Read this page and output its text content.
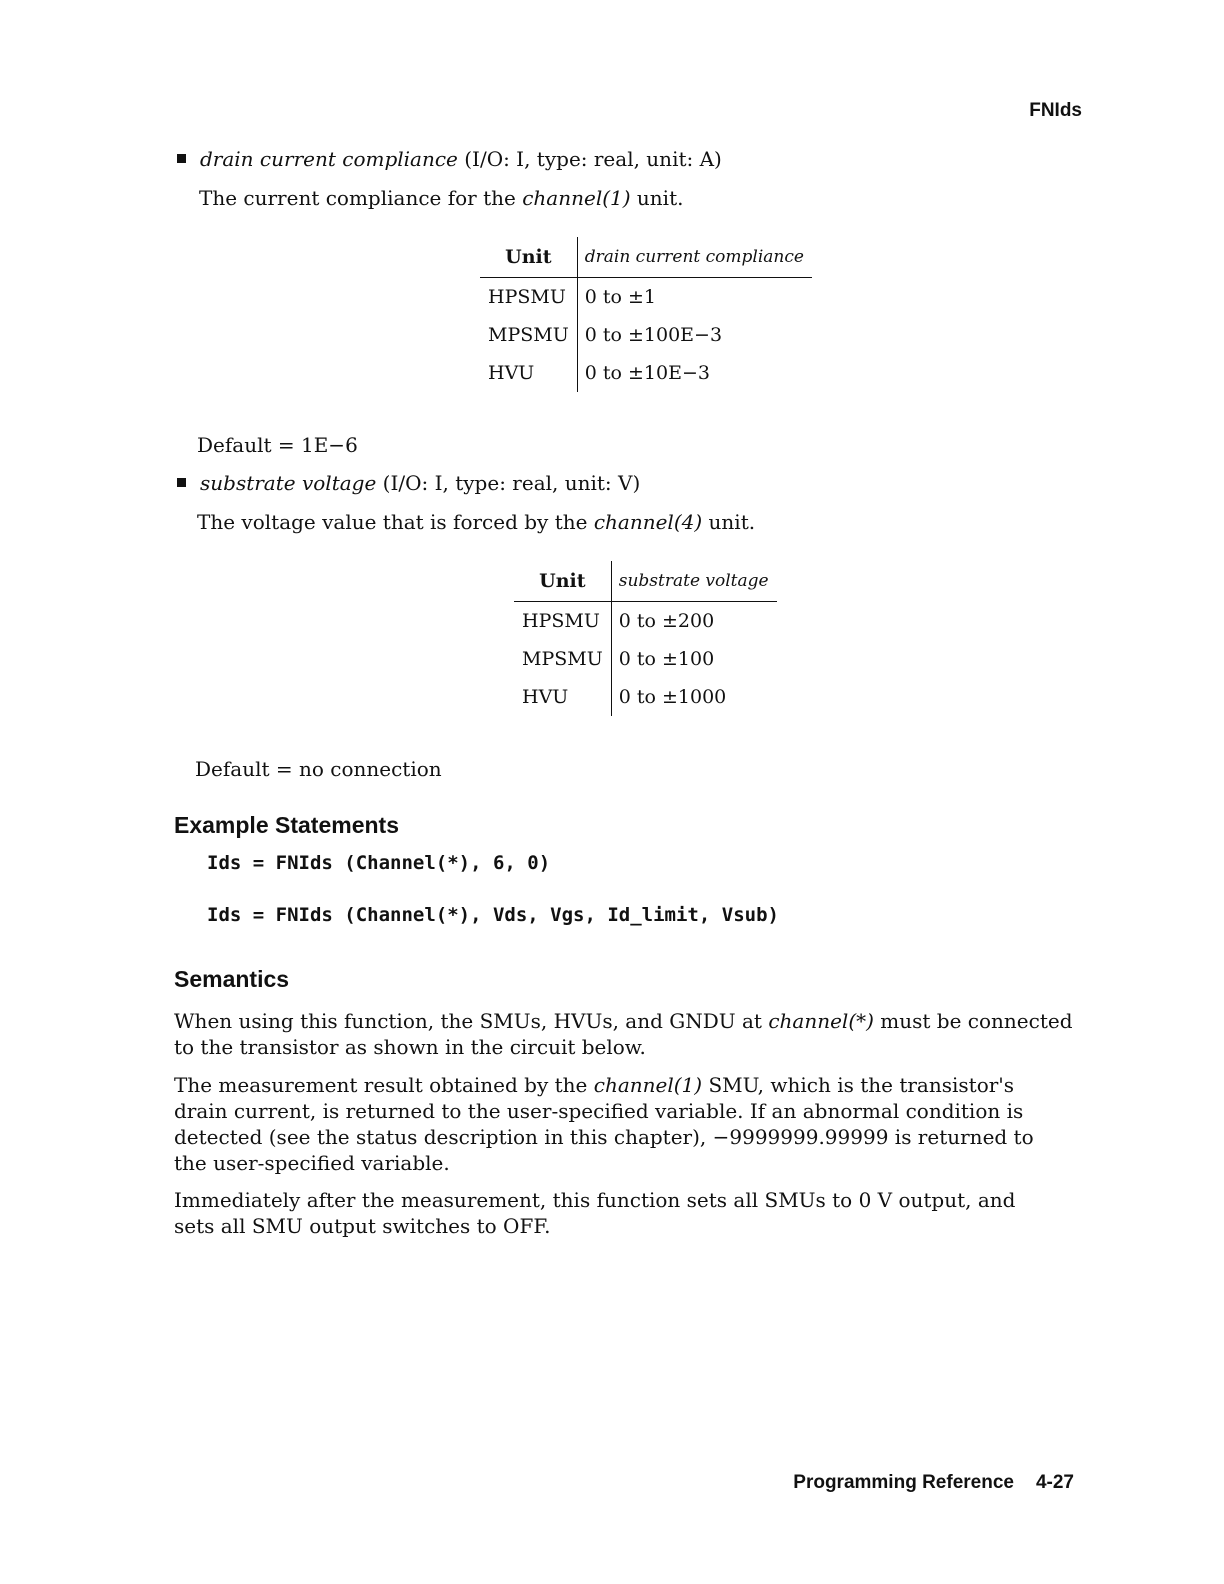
FNIds
drain current compliance (I/O: I, type: real, unit: A)
The current compliance for the channel(1) unit.
Unit	drain current compliance
HPSMU	0 to ±1
MPSMU	0 to ±100E−3
HVU	0 to ±10E−3
Default = 1E−6
substrate voltage (I/O: I, type: real, unit: V)
The voltage value that is forced by the channel(4) unit.
Unit	substrate voltage
HPSMU	0 to ±200
MPSMU	0 to ±100
HVU	0 to ±1000
Default = no connection
Example Statements
Ids = FNIds (Channel(*), 6, 0)
Ids = FNIds (Channel(*), Vds, Vgs, Id_limit, Vsub)
Semantics
When using this function, the SMUs, HVUs, and GNDU at channel(*) must be connected to the transistor as shown in the circuit below.
The measurement result obtained by the channel(1) SMU, which is the transistor's drain current, is returned to the user-specified variable. If an abnormal condition is detected (see the status description in this chapter), −9999999.99999 is returned to the user-specified variable.
Immediately after the measurement, this function sets all SMUs to 0 V output, and sets all SMU output switches to OFF.
Programming Reference 4-27
